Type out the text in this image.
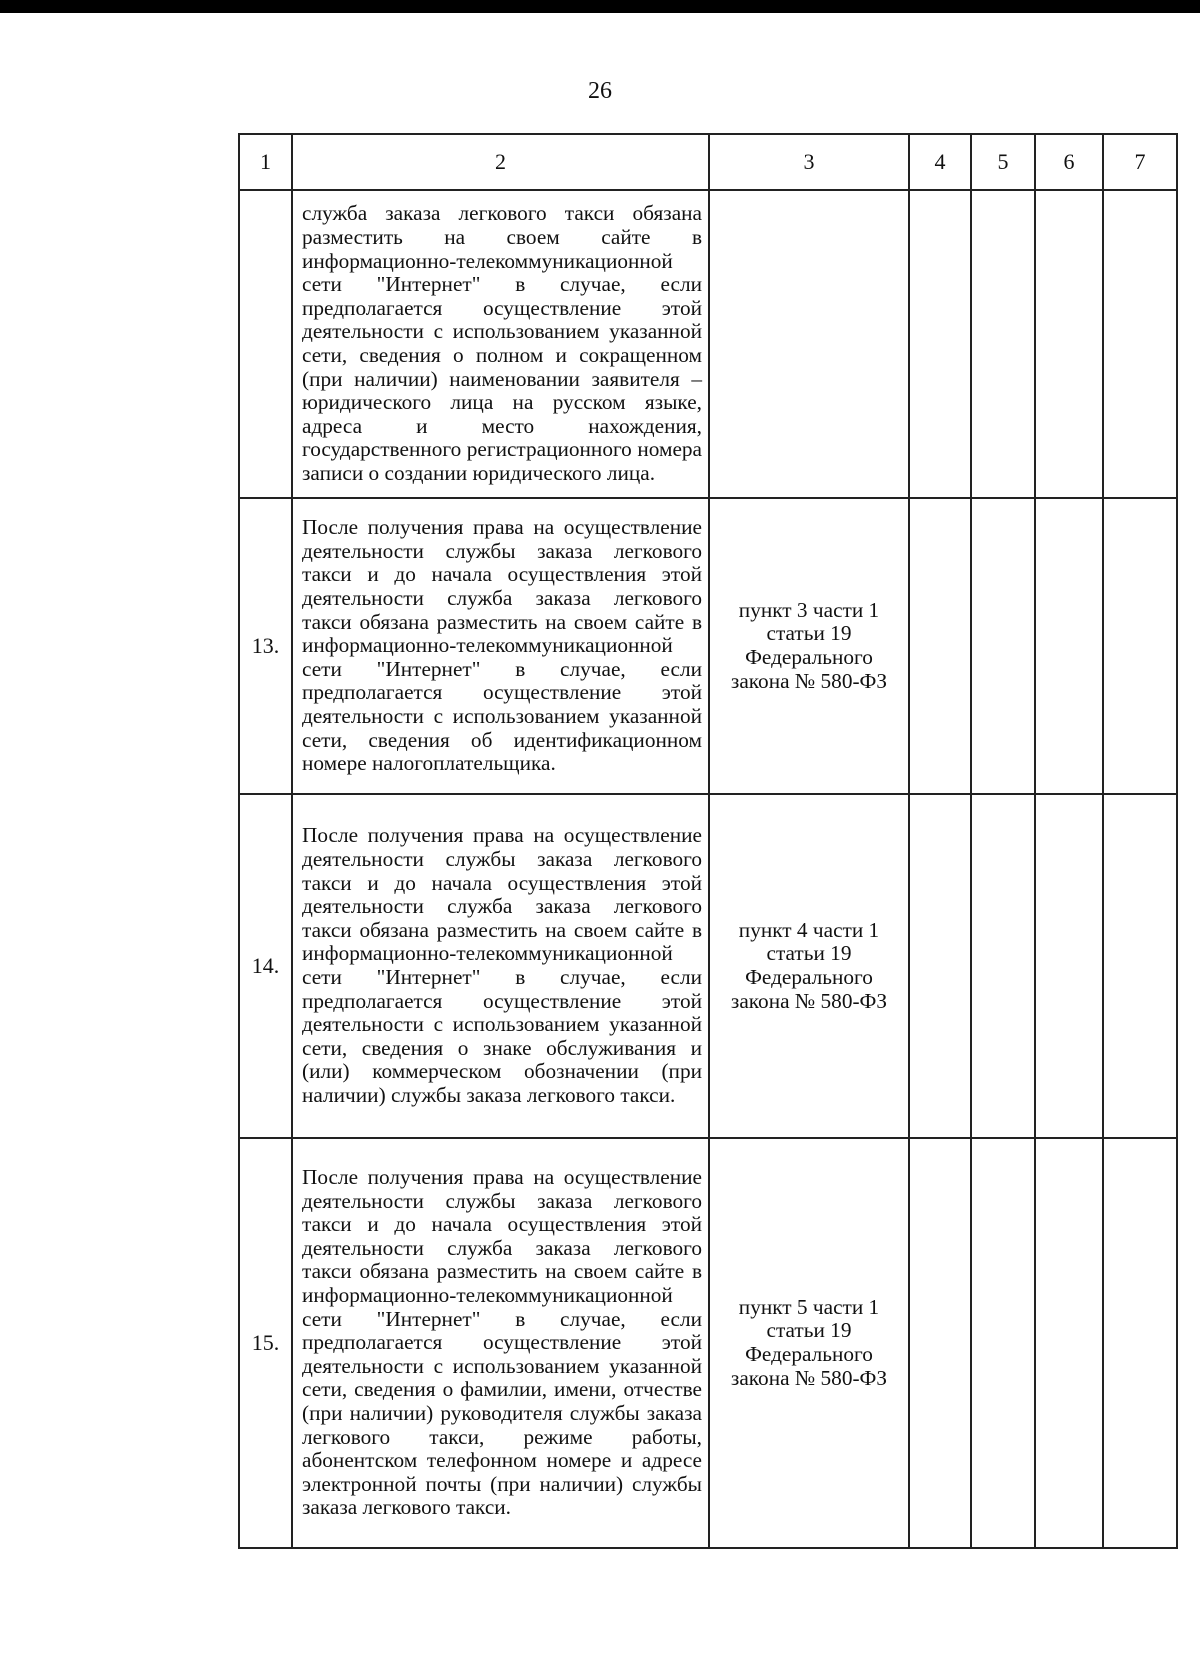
26
1	2	3	4	5	6	7

	служба заказа легкового такси обязана разместить на своем сайте в информационно-телекоммуникационной сети "Интернет" в случае, если предполагается осуществление этой деятельности с использованием указанной сети, сведения о полном и сокращенном (при наличии) наименовании заявителя – юридического лица на русском языке, адреса и место нахождения, государственного регистрационного номера записи о создании юридического лица.					

13.	После получения права на осуществление деятельности службы заказа легкового такси и до начала осуществления этой деятельности служба заказа легкового такси обязана разместить на своем сайте в информационно-телекоммуникационной сети "Интернет" в случае, если предполагается осуществление этой деятельности с использованием указанной сети, сведения об идентификационном номере налогоплательщика.	пункт 3 части 1 статьи 19 Федерального закона № 580-ФЗ				

14.	После получения права на осуществление деятельности службы заказа легкового такси и до начала осуществления этой деятельности служба заказа легкового такси обязана разместить на своем сайте в информационно-телекоммуникационной сети "Интернет" в случае, если предполагается осуществление этой деятельности с использованием указанной сети, сведения о знаке обслуживания и (или) коммерческом обозначении (при наличии) службы заказа легкового такси.	пункт 4 части 1 статьи 19 Федерального закона № 580-ФЗ				

15.	После получения права на осуществление деятельности службы заказа легкового такси и до начала осуществления этой деятельности служба заказа легкового такси обязана разместить на своем сайте в информационно-телекоммуникационной сети "Интернет" в случае, если предполагается осуществление этой деятельности с использованием указанной сети, сведения о фамилии, имени, отчестве (при наличии) руководителя службы заказа легкового такси, режиме работы, абонентском телефонном номере и адресе электронной почты (при наличии) службы заказа легкового такси.	пункт 5 части 1 статьи 19 Федерального закона № 580-ФЗ				
